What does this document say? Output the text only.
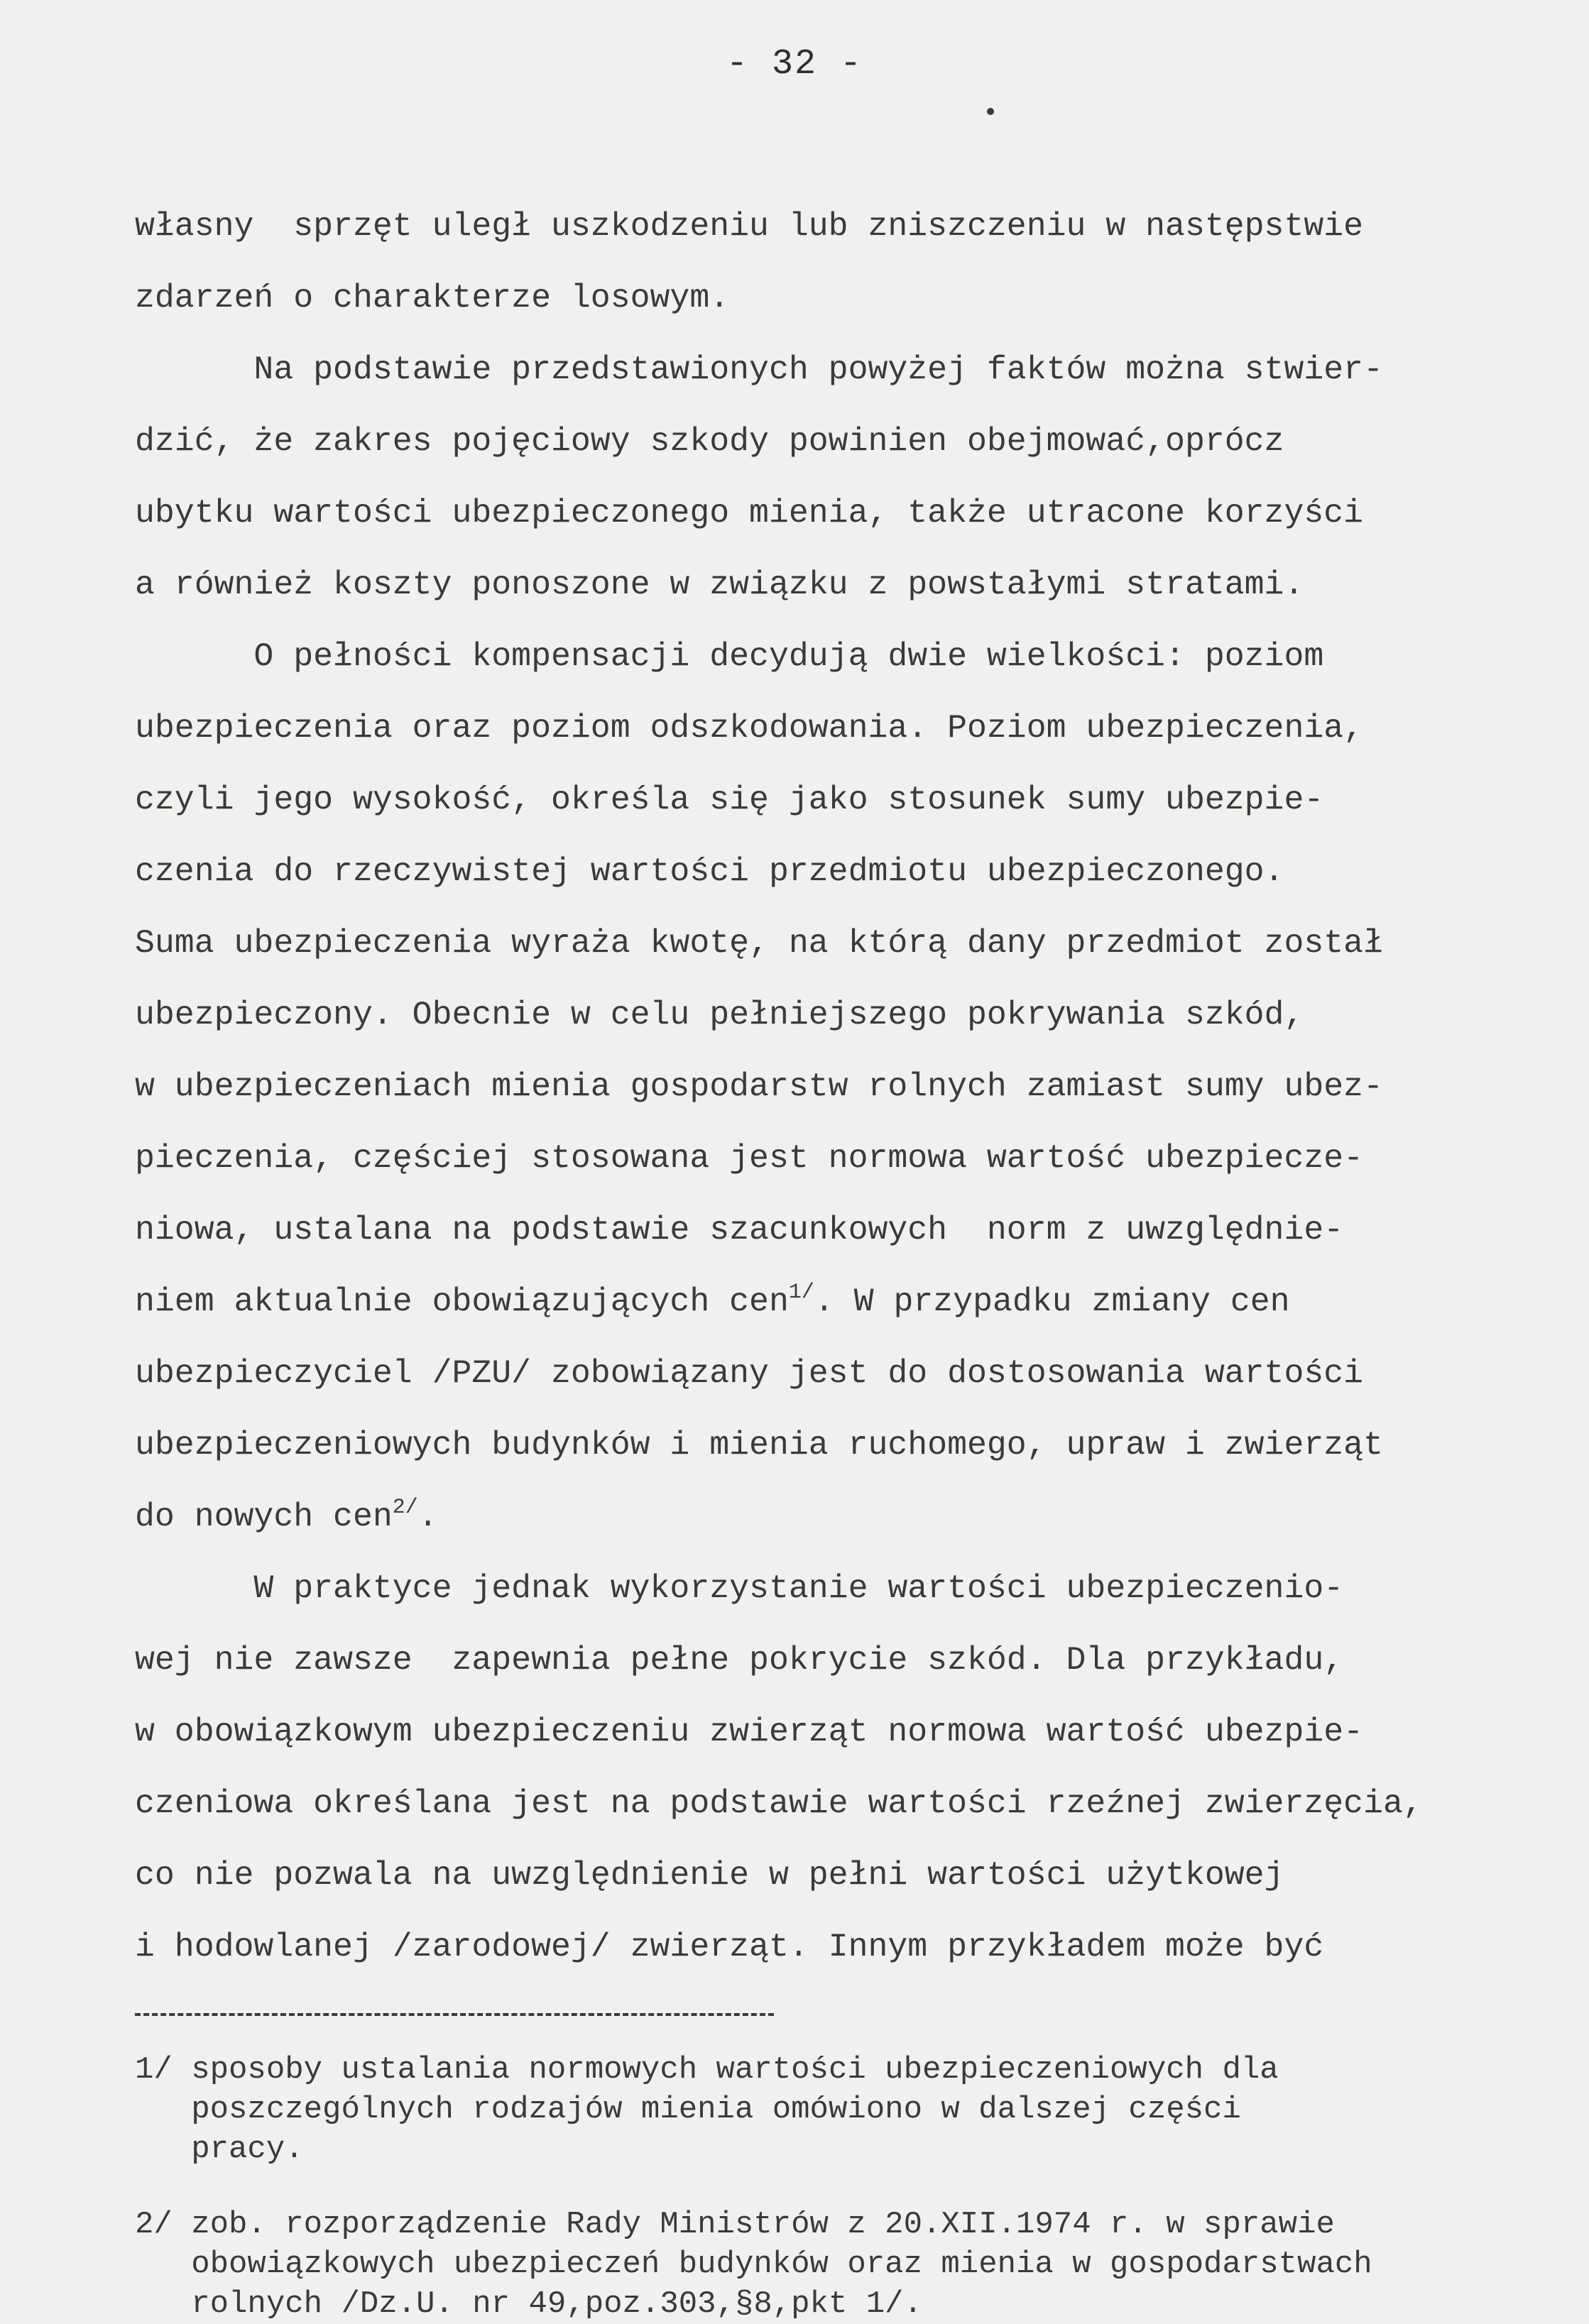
- 32 -
własny  sprzęt uległ uszkodzeniu lub zniszczeniu w następstwie
zdarzeń o charakterze losowym.
Na podstawie przedstawionych powyżej faktów można stwier-
dzić, że zakres pojęciowy szkody powinien obejmować,oprócz
ubytku wartości ubezpieczonego mienia, także utracone korzyści
a również koszty ponoszone w związku z powstałymi stratami.
O pełności kompensacji decydują dwie wielkości: poziom
ubezpieczenia oraz poziom odszkodowania. Poziom ubezpieczenia,
czyli jego wysokość, określa się jako stosunek sumy ubezpie-
czenia do rzeczywistej wartości przedmiotu ubezpieczonego.
Suma ubezpieczenia wyraża kwotę, na którą dany przedmiot został
ubezpieczony. Obecnie w celu pełniejszego pokrywania szkód,
w ubezpieczeniach mienia gospodarstw rolnych zamiast sumy ubez-
pieczenia, częściej stosowana jest normowa wartość ubezpiecze-
niowa, ustalana na podstawie szacunkowych  norm z uwzględnie-
niem aktualnie obowiązujących cen$^{1/}$. W przypadku zmiany cen
ubezpieczyciel /PZU/ zobowiązany jest do dostosowania wartości
ubezpieczeniowych budynków i mienia ruchomego, upraw i zwierząt
do nowych cen$^{2/}$.
W praktyce jednak wykorzystanie wartości ubezpieczenio-
wej nie zawsze  zapewnia pełne pokrycie szkód. Dla przykładu,
w obowiązkowym ubezpieczeniu zwierząt normowa wartość ubezpie-
czeniowa określana jest na podstawie wartości rzeźnej zwierzęcia,
co nie pozwala na uwzględnienie w pełni wartości użytkowej
i hodowlanej /zarodowej/ zwierząt. Innym przykładem może być
1/ sposoby ustalania normowych wartości ubezpieczeniowych dla
poszczególnych rodzajów mienia omówiono w dalszej części
pracy.
2/ zob. rozporządzenie Rady Ministrów z 20.XII.1974 r. w sprawie
obowiązkowych ubezpieczeń budynków oraz mienia w gospodarstwach
rolnych /Dz.U. nr 49,poz.303,§8,pkt 1/.
